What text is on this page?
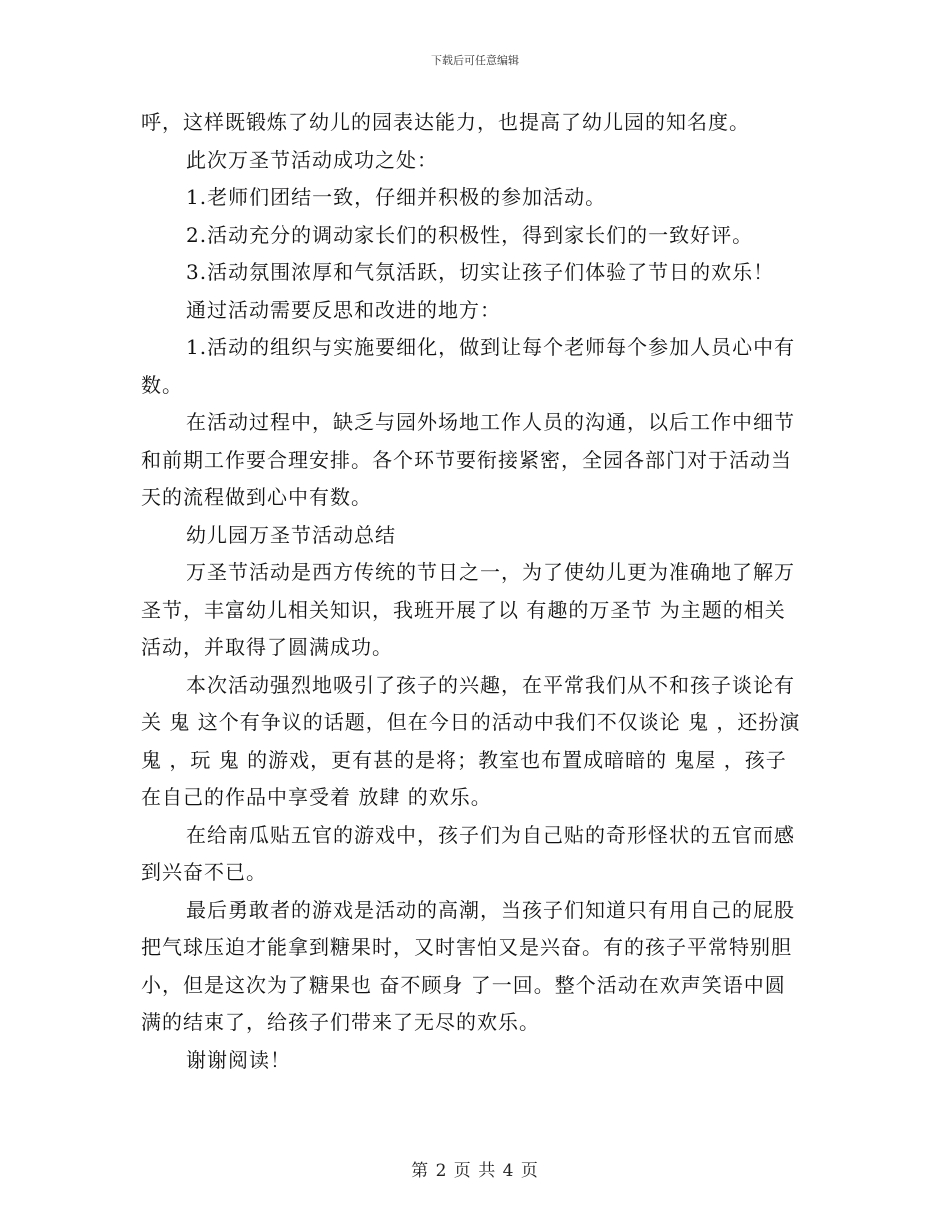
下载后可任意编辑

呼，这样既锻炼了幼儿的园表达能力，也提高了幼儿园的知名度。

此次万圣节活动成功之处：

1.老师们团结一致，仔细并积极的参加活动。

2.活动充分的调动家长们的积极性，得到家长们的一致好评。

3.活动氛围浓厚和气氛活跃，切实让孩子们体验了节日的欢乐！

通过活动需要反思和改进的地方：

1.活动的组织与实施要细化，做到让每个老师每个参加人员心中有数。

在活动过程中，缺乏与园外场地工作人员的沟通，以后工作中细节和前期工作要合理安排。各个环节要衔接紧密，全园各部门对于活动当天的流程做到心中有数。

幼儿园万圣节活动总结

万圣节活动是西方传统的节日之一，为了使幼儿更为准确地了解万圣节，丰富幼儿相关知识，我班开展了以 有趣的万圣节 为主题的相关活动，并取得了圆满成功。

本次活动强烈地吸引了孩子的兴趣，在平常我们从不和孩子谈论有关 鬼 这个有争议的话题，但在今日的活动中我们不仅谈论 鬼 ，还扮演 鬼 ，玩 鬼 的游戏，更有甚的是将；教室也布置成暗暗的 鬼屋 ，孩子在自己的作品中享受着 放肆 的欢乐。

在给南瓜贴五官的游戏中，孩子们为自己贴的奇形怪状的五官而感到兴奋不已。

最后勇敢者的游戏是活动的高潮，当孩子们知道只有用自己的屁股把气球压迫才能拿到糖果时，又时害怕又是兴奋。有的孩子平常特别胆小，但是这次为了糖果也 奋不顾身 了一回。整个活动在欢声笑语中圆满的结束了，给孩子们带来了无尽的欢乐。

谢谢阅读！

第 2 页 共 4 页
